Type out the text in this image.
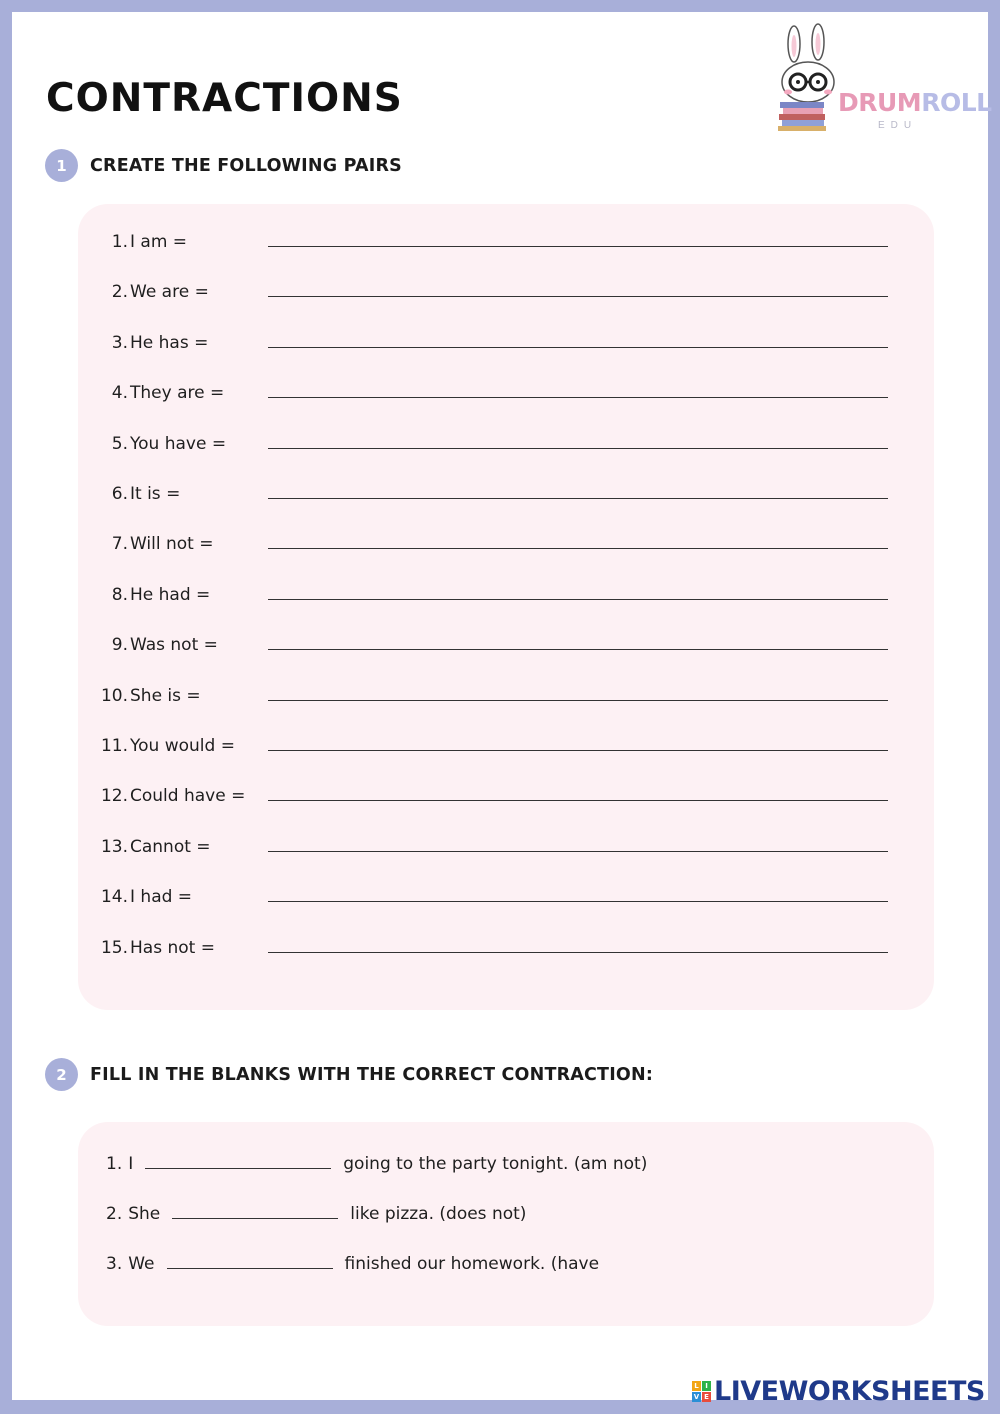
CONTRACTIONS	DRUMROLL
EDU
1	CREATE THE FOLLOWING PAIRS
1. I am =
2. We are =
3. He has =
4. They are =
5. You have =
6. It is =
7. Will not =
8. He had =
9. Was not =
10. She is =
11. You would =
12. Could have =
13. Cannot =
14. I had =
15. Has not =
2	FILL IN THE BLANKS WITH THE CORRECT CONTRACTION:
1. I	going to the party tonight. (am not)
2. She	like pizza. (does not)
3. We	finished our homework. (have
L I
V E LIVEWORKSHEETS
